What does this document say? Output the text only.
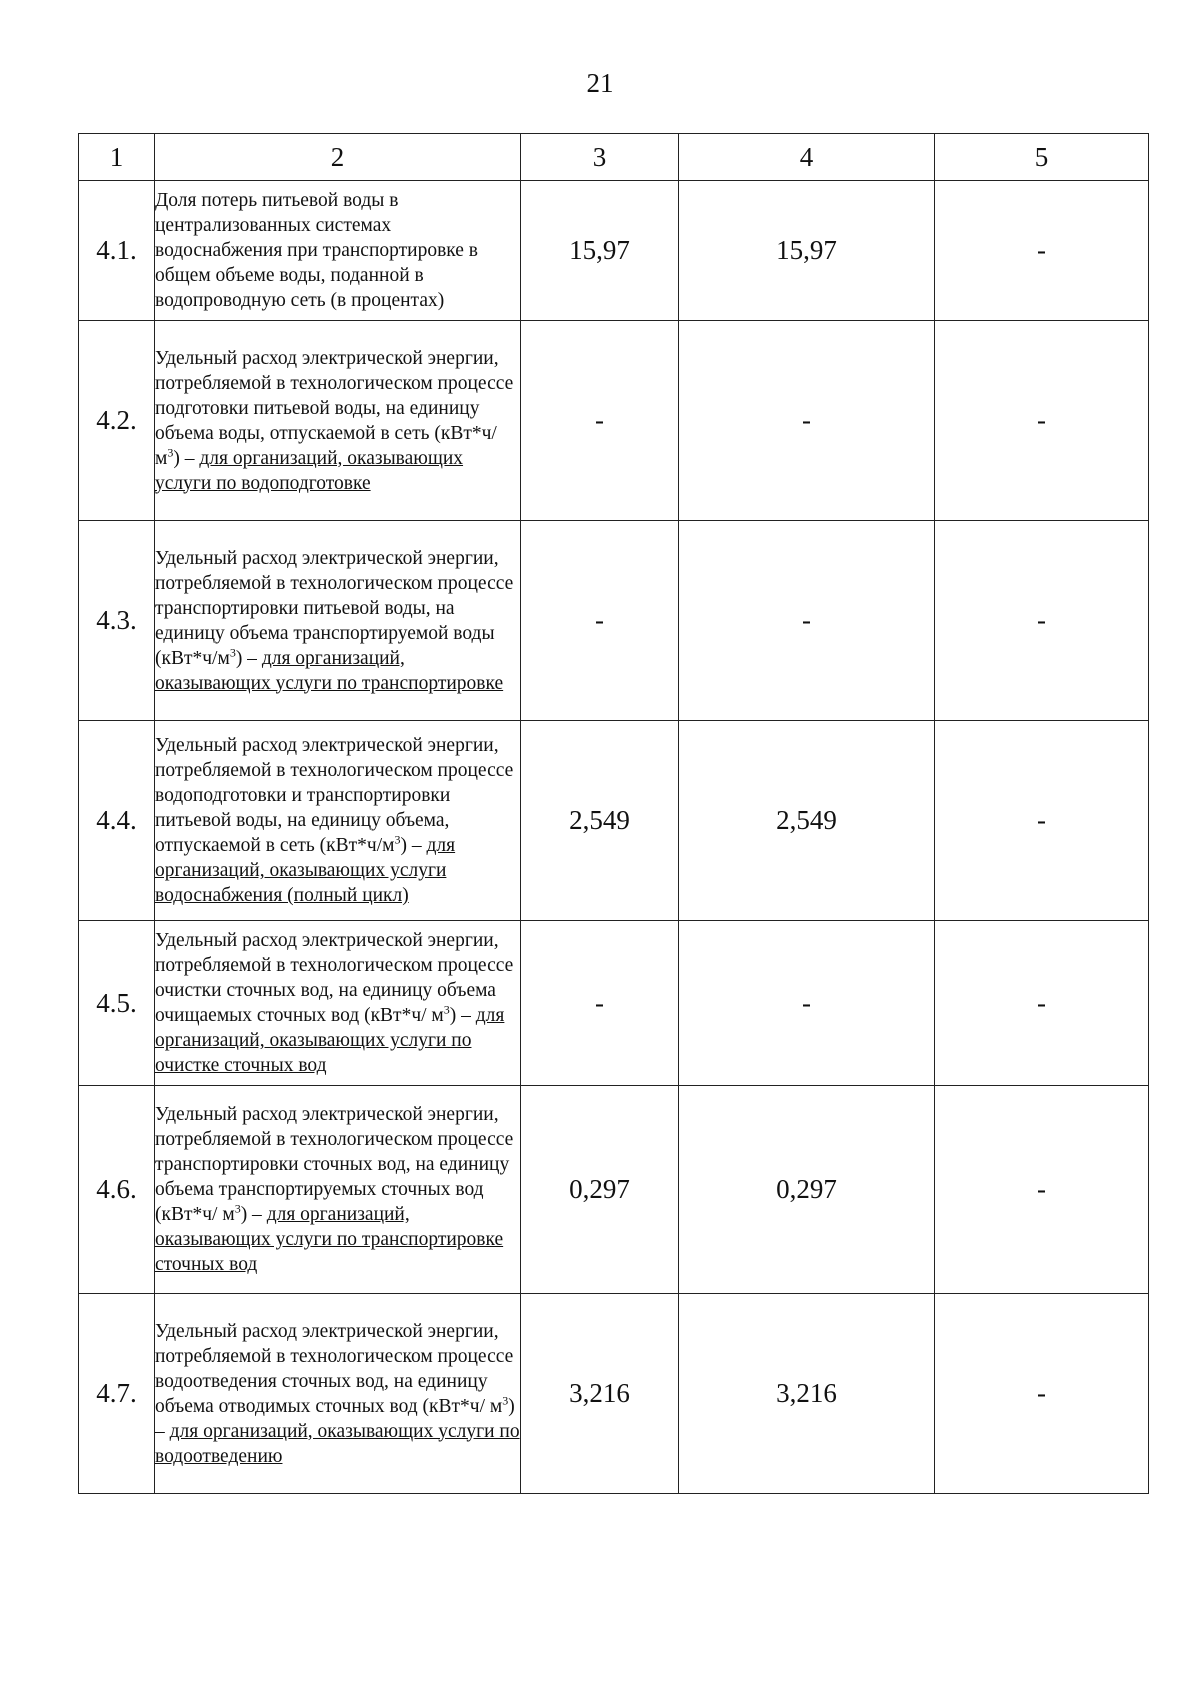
21
1	2	3	4	5
4.1.	Доля потерь питьевой воды в централизованных системах водоснабжения при транспортировке в общем объеме воды, поданной в водопроводную сеть (в процентах)	15,97	15,97	-
4.2.	Удельный расход электрической энергии, потребляемой в технологическом процессе подготовки питьевой воды, на единицу объема воды, отпускаемой в сеть $(кВт*ч/м^3)$ – для организаций, оказывающих услуги по водоподготовке	-	-	-
4.3.	Удельный расход электрической энергии, потребляемой в технологическом процессе транспортировки питьевой воды, на единицу объема транспортируемой воды $(кВт*ч/м^3)$ – для организаций, оказывающих услуги по транспортировке	-	-	-
4.4.	Удельный расход электрической энергии, потребляемой в технологическом процессе водоподготовки и транспортировки питьевой воды, на единицу объема, отпускаемой в сеть $(кВт*ч/м^3)$ – для организаций, оказывающих услуги водоснабжения (полный цикл)	2,549	2,549	-
4.5.	Удельный расход электрической энергии, потребляемой в технологическом процессе очистки сточных вод, на единицу объема очищаемых сточных вод (кВт*ч/ $м^3$) – для организаций, оказывающих услуги по очистке сточных вод	-	-	-
4.6.	Удельный расход электрической энергии, потребляемой в технологическом процессе транспортировки сточных вод, на единицу объема транспортируемых сточных вод (кВт*ч/ $м^3$) – для организаций, оказывающих услуги по транспортировке сточных вод	0,297	0,297	-
4.7.	Удельный расход электрической энергии, потребляемой в технологическом процессе водоотведения сточных вод, на единицу объема отводимых сточных вод (кВт*ч/ $м^3$) – для организаций, оказывающих услуги по водоотведению	3,216	3,216	-
